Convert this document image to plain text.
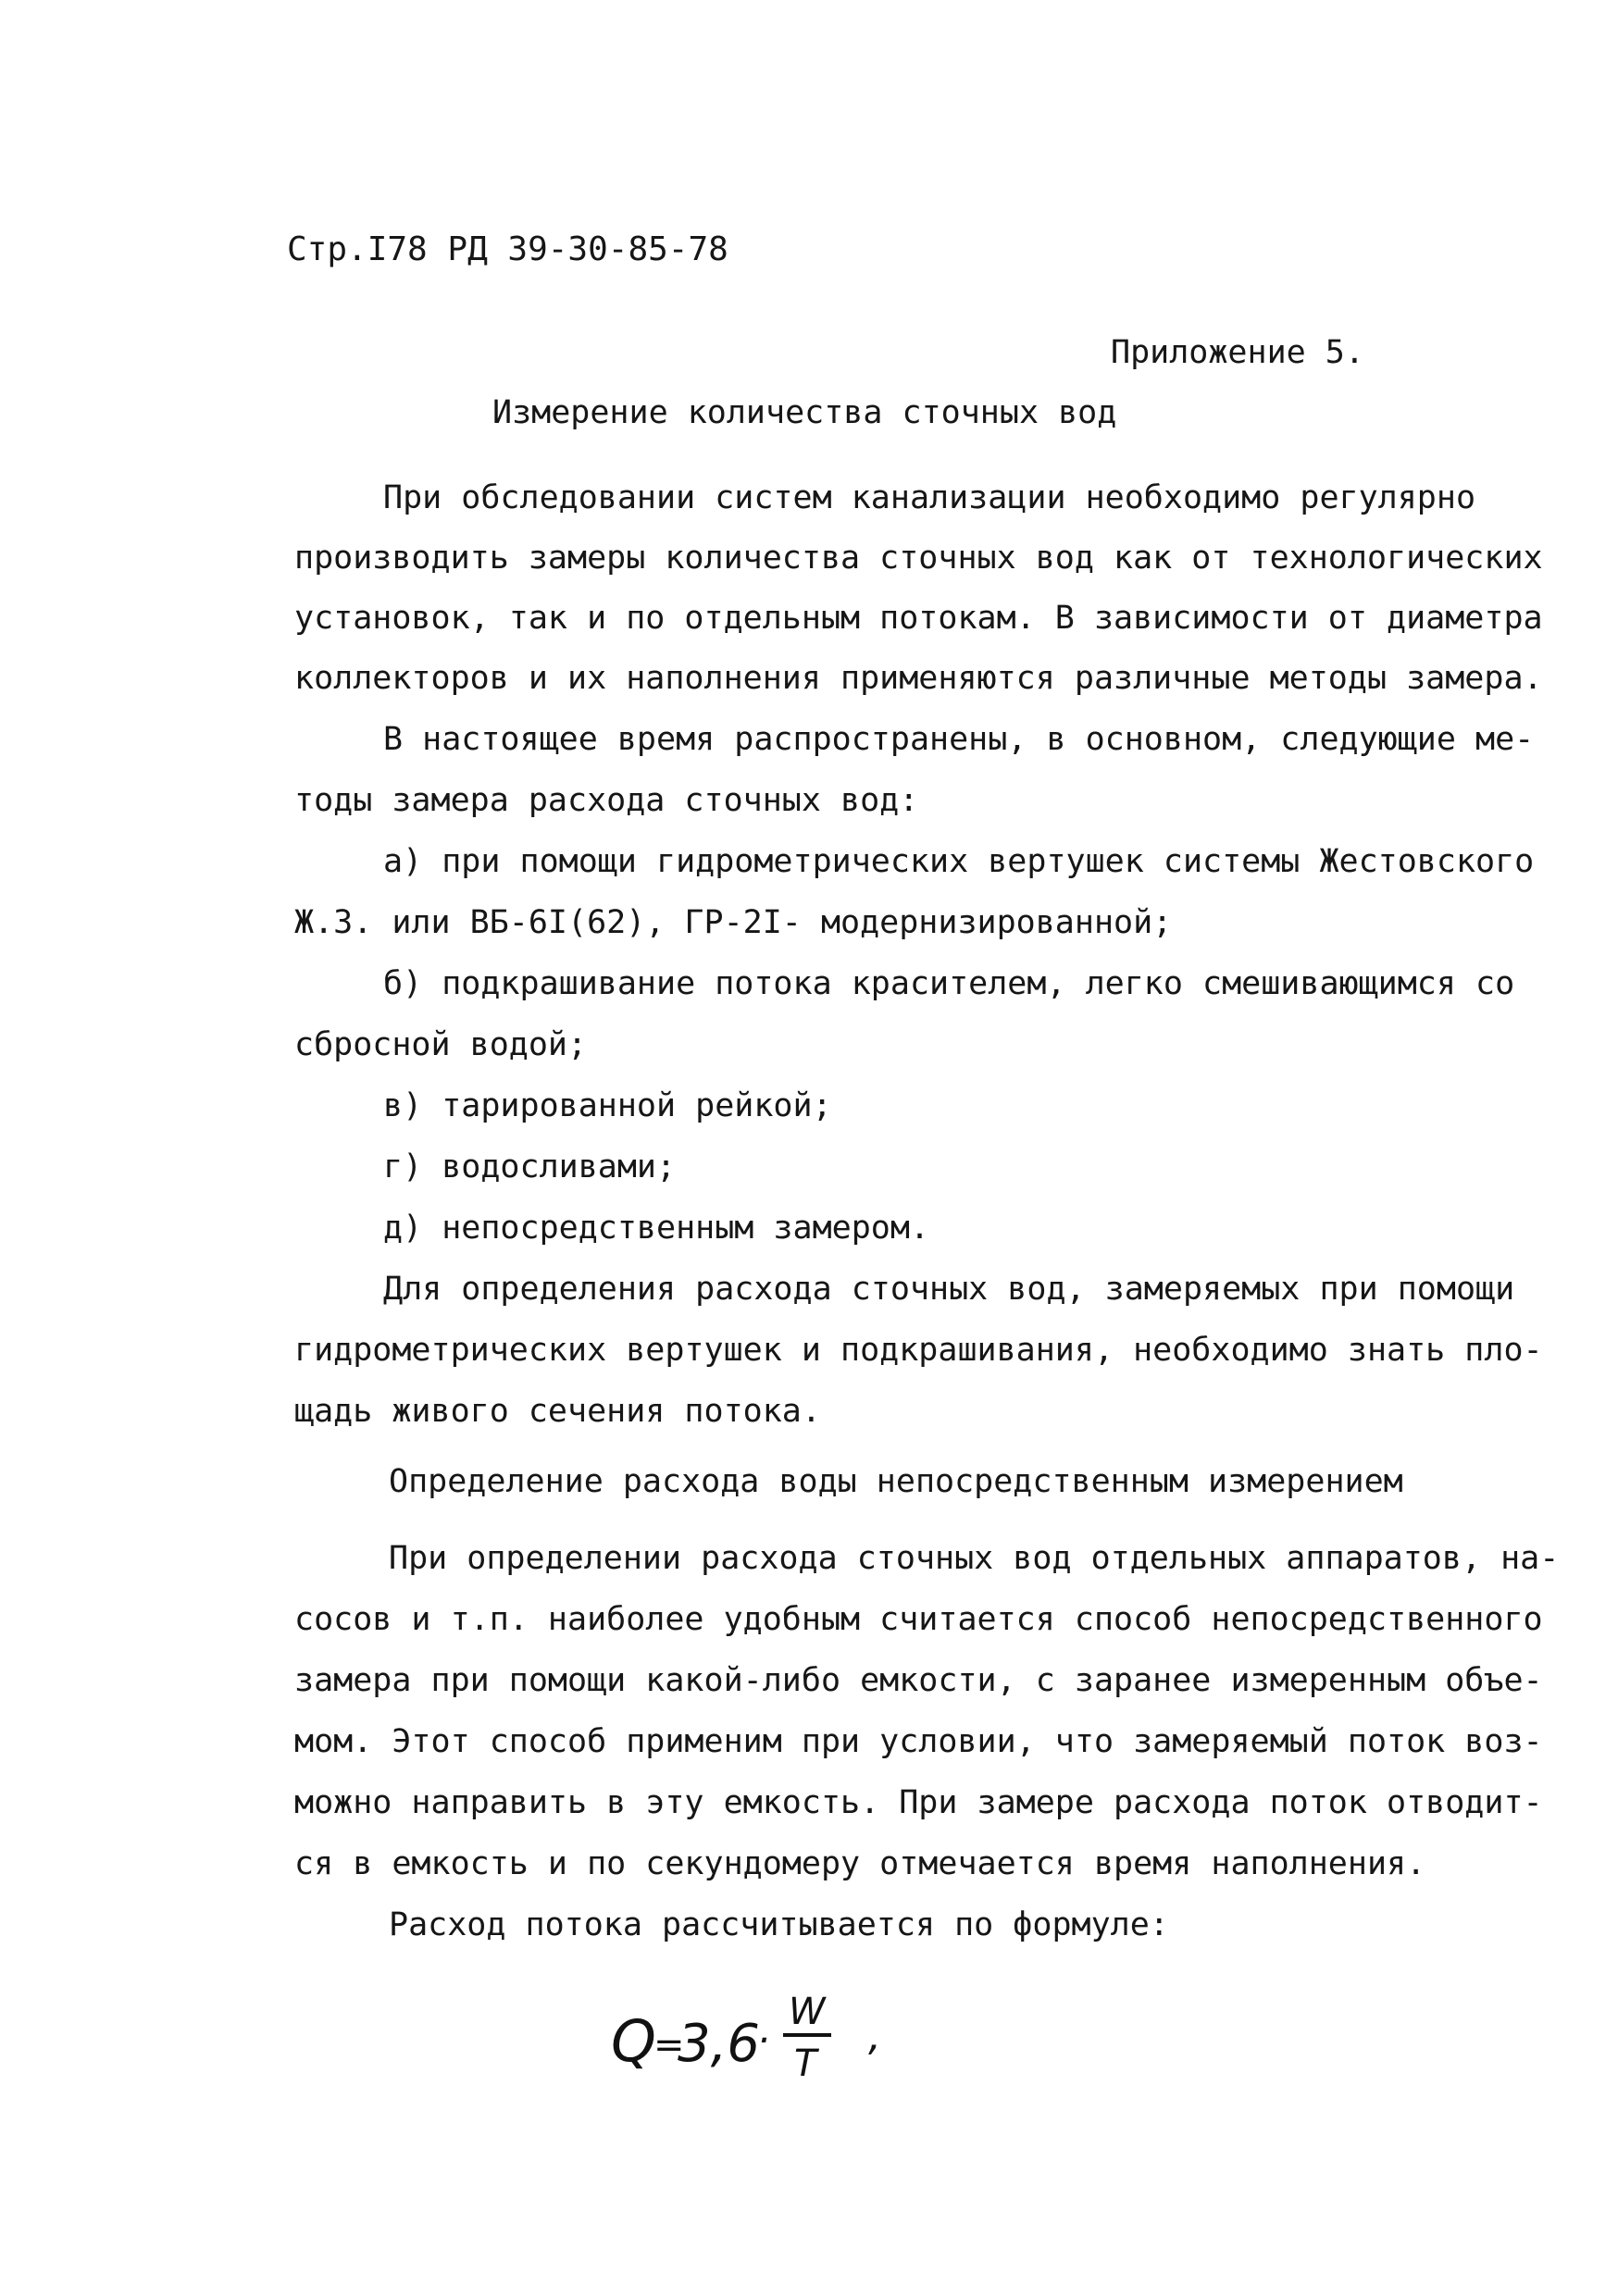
Стр.I78 РД 39-30-85-78
Приложение 5.
Измерение количества сточных вод
При обследовании систем канализации необходимо регулярно
производить замеры количества сточных вод как от технологических
установок, так и по отдельным потокам. В зависимости от диаметра
коллекторов и их наполнения применяются различные методы замера.
В настоящее время распространены, в основном, следующие ме-
тоды замера расхода сточных вод:
а) при помощи гидрометрических вертушек системы Жестовского
Ж.З. или ВБ-6I(62), ГР-2I- модернизированной;
б) подкрашивание потока красителем, легко смешивающимся со
сбросной водой;
в) тарированной рейкой;
г) водосливами;
д) непосредственным замером.
Для определения расхода сточных вод, замеряемых при помощи
гидрометрических вертушек и подкрашивания, необходимо знать пло-
щадь живого сечения потока.
Определение расхода воды непосредственным измерением
При определении расхода сточных вод отдельных аппаратов, на-
сосов и т.п. наиболее удобным считается способ непосредственного
замера при помощи какой-либо емкости, с заранее измеренным объе-
мом. Этот способ применим при условии, что замеряемый поток воз-
можно направить в эту емкость. При замере расхода поток отводит-
ся в емкость и по секундомеру отмечается время наполнения.
Расход потока рассчитывается по формуле:
Q
=
3,6
·
W
T
,
